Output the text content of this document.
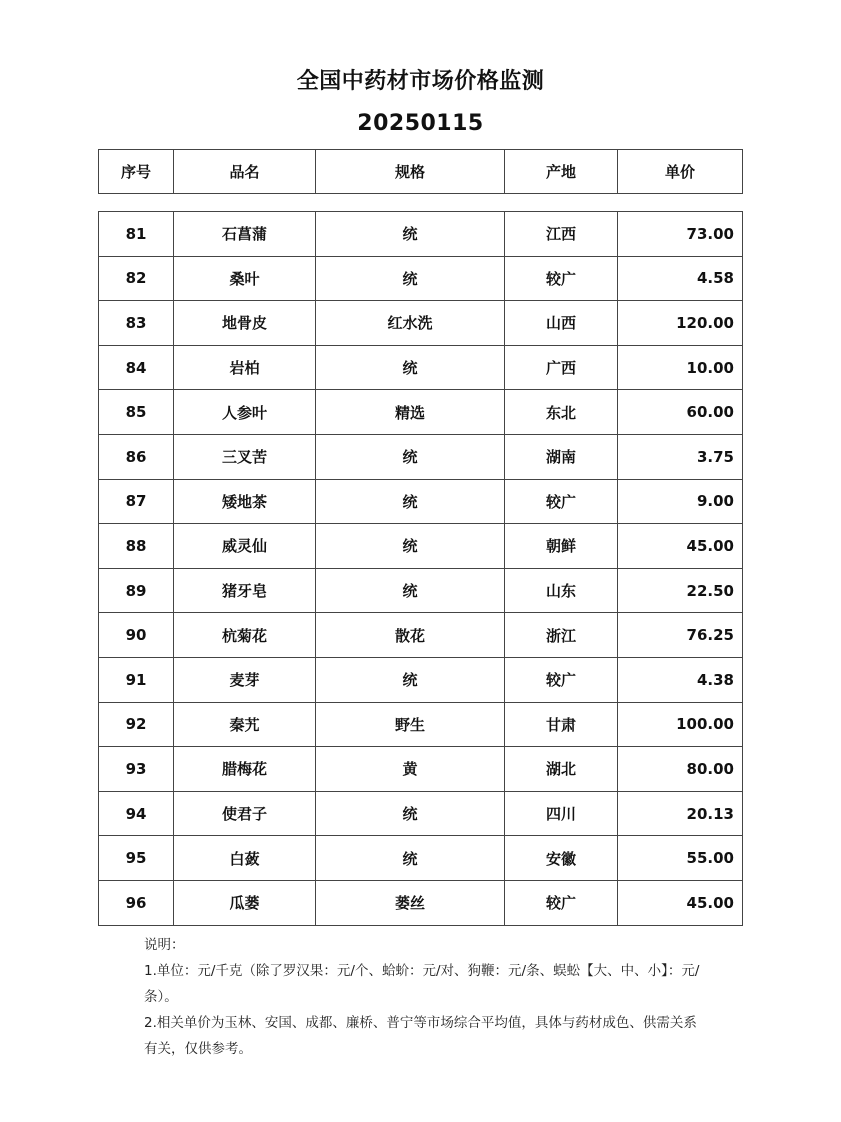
全国中药材市场价格监测
20250115
序号	品名	规格	产地	单价
81	石菖蒲	统	江西	73.00
82	桑叶	统	较广	4.58
83	地骨皮	红水洗	山西	120.00
84	岩柏	统	广西	10.00
85	人参叶	精选	东北	60.00
86	三叉苦	统	湖南	3.75
87	矮地茶	统	较广	9.00
88	威灵仙	统	朝鲜	45.00
89	猪牙皂	统	山东	22.50
90	杭菊花	散花	浙江	76.25
91	麦芽	统	较广	4.38
92	秦艽	野生	甘肃	100.00
93	腊梅花	黄	湖北	80.00
94	使君子	统	四川	20.13
95	白蔹	统	安徽	55.00
96	瓜蒌	蒌丝	较广	45.00

说明：

1.单位：元/千克（除了罗汉果：元/个、蛤蚧：元/对、狗鞭：元/条、蜈蚣【大、中、小】：元/条）。

2.相关单价为玉林、安国、成都、廉桥、普宁等市场综合平均值，具体与药材成色、供需关系有关，仅供参考。
